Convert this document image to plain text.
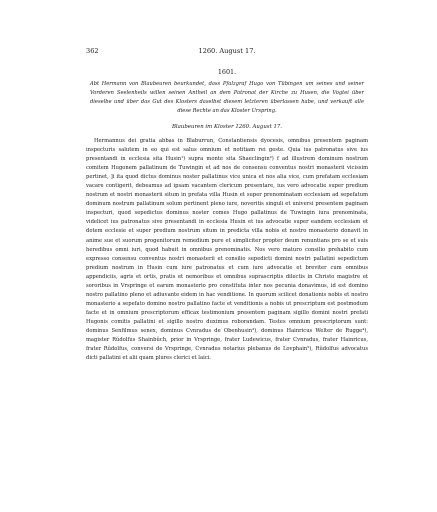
362	1260. August 17.
1601.
Abt Hermann von Blaubeuren beurkundet, dass Pfalzgraf Hugo von Tübingen um seines und seiner Vorderen Seelenheils willen seinen Antheil an dem Patronat der Kirche zu Husen, die Vogtei über dieselbe und über das Gut des Klosters daselbst diesem letzteren überlassen habe, und verkauft alle diese Rechte an das Kloster Urspring.
Blaubeuren im Kloster 1260. August 17.

Hermannus dei gratia abbas in Blaburrun, Constantiensis dyocesis, omnibus presentem paginam inspecturis salutem in eo qui est salus omnium et notitiam rei geste. Quia ius patronatus sive ius presentandi in ecclesia sita Husin¹) supra monte sita Shaeclingin²) f ad illustrem dominum nostrum comitem Hugonem pallatinum de Tuwingin et ad nos de consensu conventus nostri monasterii vicissim pertinet, ]i ita quod dictus dominus noster pallatinus vice unica et nos alia vice, cum prefatam ecclesiam vacare contigerit, debeamus ad ipsam vacantem clericum presentare, ius vero advocatie super predium nostrum et nostri monasterii situm in prefata villa Husin et super prenominatam ecclesiam ad sepefatum dominum nostrum pallatinum solum pertinent pleno iure, noveritis singuli et universi presentem paginam inspecturi, quod sepedictus dominus noster comes Hugo pallatinus de Tuwingin iura prenominata, videlicet ius patronatus sive presentandi in ecclesia Husin et ius advocatie super eandem ecclesiam et dotem ecclesie et super predium nostrum situm in predicta villa nobis et nostro monasterio donavit in anime sue et suorum progenitorum remedium pure et simpliciter propter deum renuntians pro se et suis heredibus omni iuri, quod habuit in omnibus prenominatis. Nos vero maturo consilio prehabito cum expresso consensu conventus nostri monasterii et consilio sepedicti domini nostri pallatini sepedictum predium nostrum in Husin cum iure patronatus et cum iure advocatie et breviter cum omnibus appendiciis, agris et ortis, pratis et nemoribus et omnibus suprascriptis dilectis in Christo magistre et sororibus in Vrspringe et earum monasterio pro constituta inter nos pecunia donavimus, id est domino nostro pallatino pleno et adiuvante eidem in hac venditione. In quorum scilicet donationis nobis et nostro monasterio a sepefato domino nostro pallatino facte et venditionis a nobis ut prescriptum est postmodum facte et in omnium prescriptorum efficax testimonium presentem paginam sigillo domini nostri prefati Hugonis comitis pallatini et sigillo nostro duximus roborandam. Testes omnium prescriptorum sunt: dominus Senfilmus senex, dominus Cvnradus de Obenhusin³), dominus Hainricus Welter de Rugge⁴), magister Rŭdolfus Shainbŭch, prior in Vrspringe, frater Ludewicus, frater Cvnradus, frater Hainricus, frater Rŭdolfus, conversi de Vrspringe, Cvnradus notarius plebanus de Lovphain⁵), Rŭdolfus advocatus dicti pallatini et alii quam plures clerici et laici.
